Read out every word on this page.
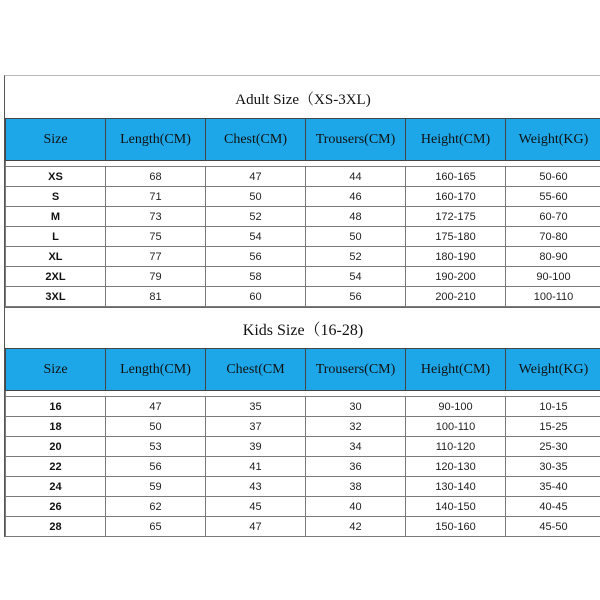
Adult Size（XS-3XL)
Size	Length(CM)	Chest(CM)	Trousers(CM)	Height(CM)	Weight(KG)

XS	68	47	44	160-165	50-60
S	71	50	46	160-170	55-60
M	73	52	48	172-175	60-70
L	75	54	50	175-180	70-80
XL	77	56	52	180-190	80-90
2XL	79	58	54	190-200	90-100
3XL	81	60	56	200-210	100-110
Kids Size（16-28)
Size	Length(CM)	Chest(CM	Trousers(CM)	Height(CM)	Weight(KG)

16	47	35	30	90-100	10-15
18	50	37	32	100-110	15-25
20	53	39	34	110-120	25-30
22	56	41	36	120-130	30-35
24	59	43	38	130-140	35-40
26	62	45	40	140-150	40-45
28	65	47	42	150-160	45-50
